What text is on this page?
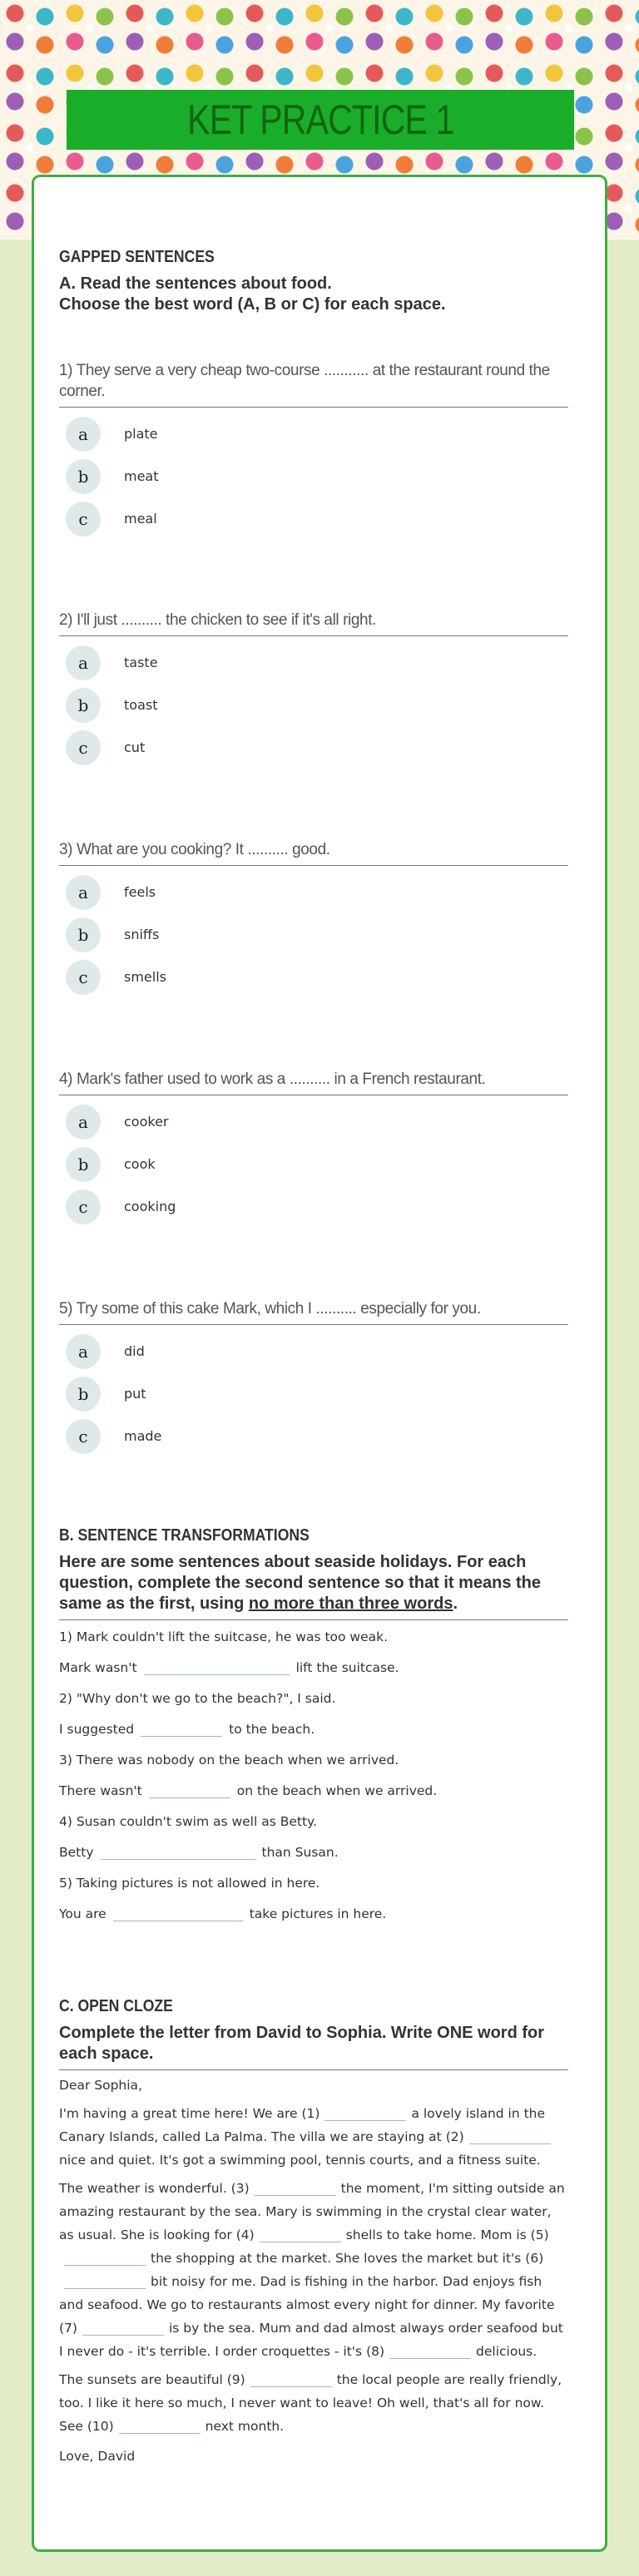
KET PRACTICE 1
GAPPED SENTENCES
A. Read the sentences about food.
Choose the best word (A, B or C) for each space.
1) They serve a very cheap two-course ........... at the restaurant round the corner.
a	plate
b	meat
c	meal
2) I'll just .......... the chicken to see if it's all right.
a	taste
b	toast
c	cut
3) What are you cooking? It .......... good.
a	feels
b	sniffs
c	smells
4) Mark's father used to work as a .......... in a French restaurant.
a	cooker
b	cook
c	cooking
5) Try some of this cake Mark, which I .......... especially for you.
a	did
b	put
c	made
B. SENTENCE TRANSFORMATIONS
Here are some sentences about seaside holidays. For each question, complete the second sentence so that it means the same as the first, using no more than three words.
1) Mark couldn't lift the suitcase, he was too weak.
Mark wasn't	lift the suitcase.
2) "Why don't we go to the beach?", I said.
I suggested	to the beach.
3) There was nobody on the beach when we arrived.
There wasn't	on the beach when we arrived.
4) Susan couldn't swim as well as Betty.
Betty	than Susan.
5) Taking pictures is not allowed in here.
You are	take pictures in here.
C. OPEN CLOZE
Complete the letter from David to Sophia. Write ONE word for each space.

Dear Sophia,

I'm having a great time here! We are (1)	a lovely island in the Canary Islands, called La Palma. The villa we are staying at (2)nice and quiet. It's got a swimming pool, tennis courts, and a fitness suite.

The weather is wonderful. (3)	the moment, I'm sitting outside an amazing restaurant by the sea. Mary is swimming in the crystal clear water, as usual. She is looking for (4)	shells to take home. Mom is (5)the shopping at the market. She loves the market but it's (6)bit noisy for me. Dad is fishing in the harbor. Dad enjoys fish and seafood. We go to restaurants almost every night for dinner. My favorite (7)	is by the sea. Mum and dad almost always order seafood but I never do - it's terrible. I order croquettes - it's (8)	delicious.

The sunsets are beautiful (9)	the local people are really friendly, too. I like it here so much, I never want to leave! Oh well, that's all for now. See (10)	next month.

Love, David
